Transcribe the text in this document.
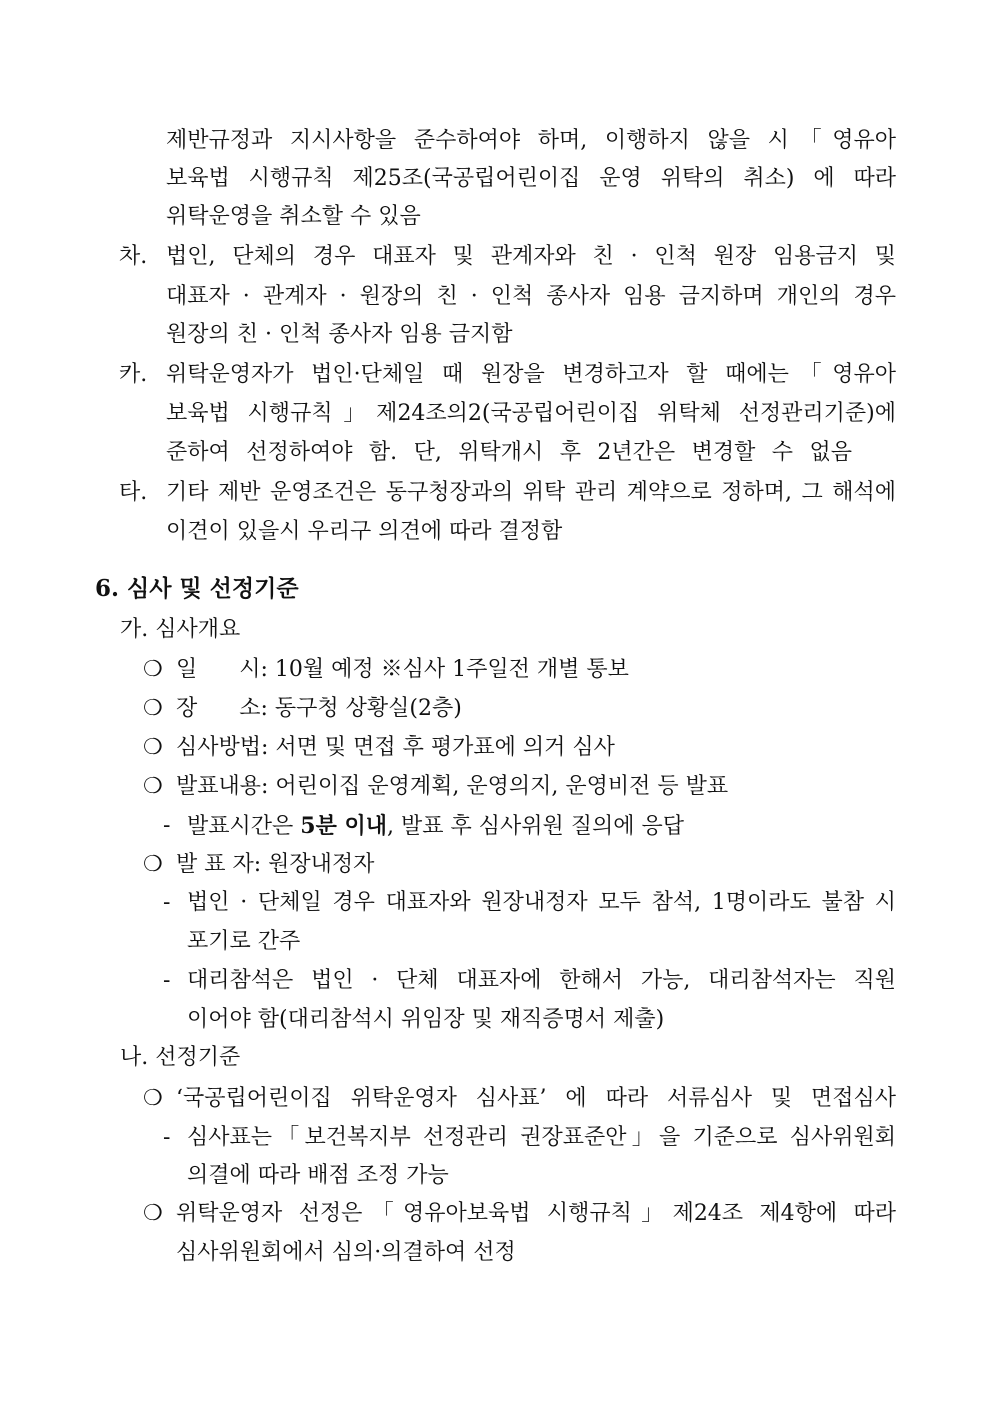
제반규정과 지시사항을 준수하여야 하며, 이행하지 않을 시「영유아
보육법 시행규칙 제25조(국공립어린이집 운영 위탁의 취소) 에 따라
위탁운영을 취소할 수 있음
차. 법인, 단체의 경우 대표자 및 관계자와 친 · 인척 원장 임용금지 및
대표자 · 관계자 · 원장의 친 · 인척 종사자 임용 금지하며 개인의 경우
원장의 친 · 인척 종사자 임용 금지함
카. 위탁운영자가 법인·단체일 때 원장을 변경하고자 할 때에는「영유아
보육법 시행규칙」제24조의2(국공립어린이집 위탁체 선정관리기준)에
준하여 선정하여야 함. 단, 위탁개시 후 2년간은 변경할 수 없음
타. 기타 제반 운영조건은 동구청장과의 위탁 관리 계약으로 정하며, 그 해석에
이견이 있을시 우리구 의견에 따라 결정함
6. 심사 및 선정기준
가. 심사개요
❍ 일      시: 10월 예정 ※심사 1주일전 개별 통보
❍ 장      소: 동구청 상황실(2층)
❍ 심사방법: 서면 및 면접 후 평가표에 의거 심사
❍ 발표내용: 어린이집 운영계획, 운영의지, 운영비전 등 발표
- 발표시간은 5분 이내, 발표 후 심사위원 질의에 응답
❍ 발 표 자: 원장내정자
- 법인 · 단체일 경우 대표자와 원장내정자 모두 참석, 1명이라도 불참 시
포기로 간주
- 대리참석은 법인 · 단체 대표자에 한해서 가능, 대리참석자는 직원
이어야 함(대리참석시 위임장 및 재직증명서 제출)
나. 선정기준
❍ ‘국공립어린이집 위탁운영자 심사표’ 에 따라 서류심사 및 면접심사
- 심사표는「보건복지부 선정관리 권장표준안」을 기준으로 심사위원회
의결에 따라 배점 조정 가능
❍ 위탁운영자 선정은「영유아보육법 시행규칙」제24조 제4항에 따라
심사위원회에서 심의·의결하여 선정
